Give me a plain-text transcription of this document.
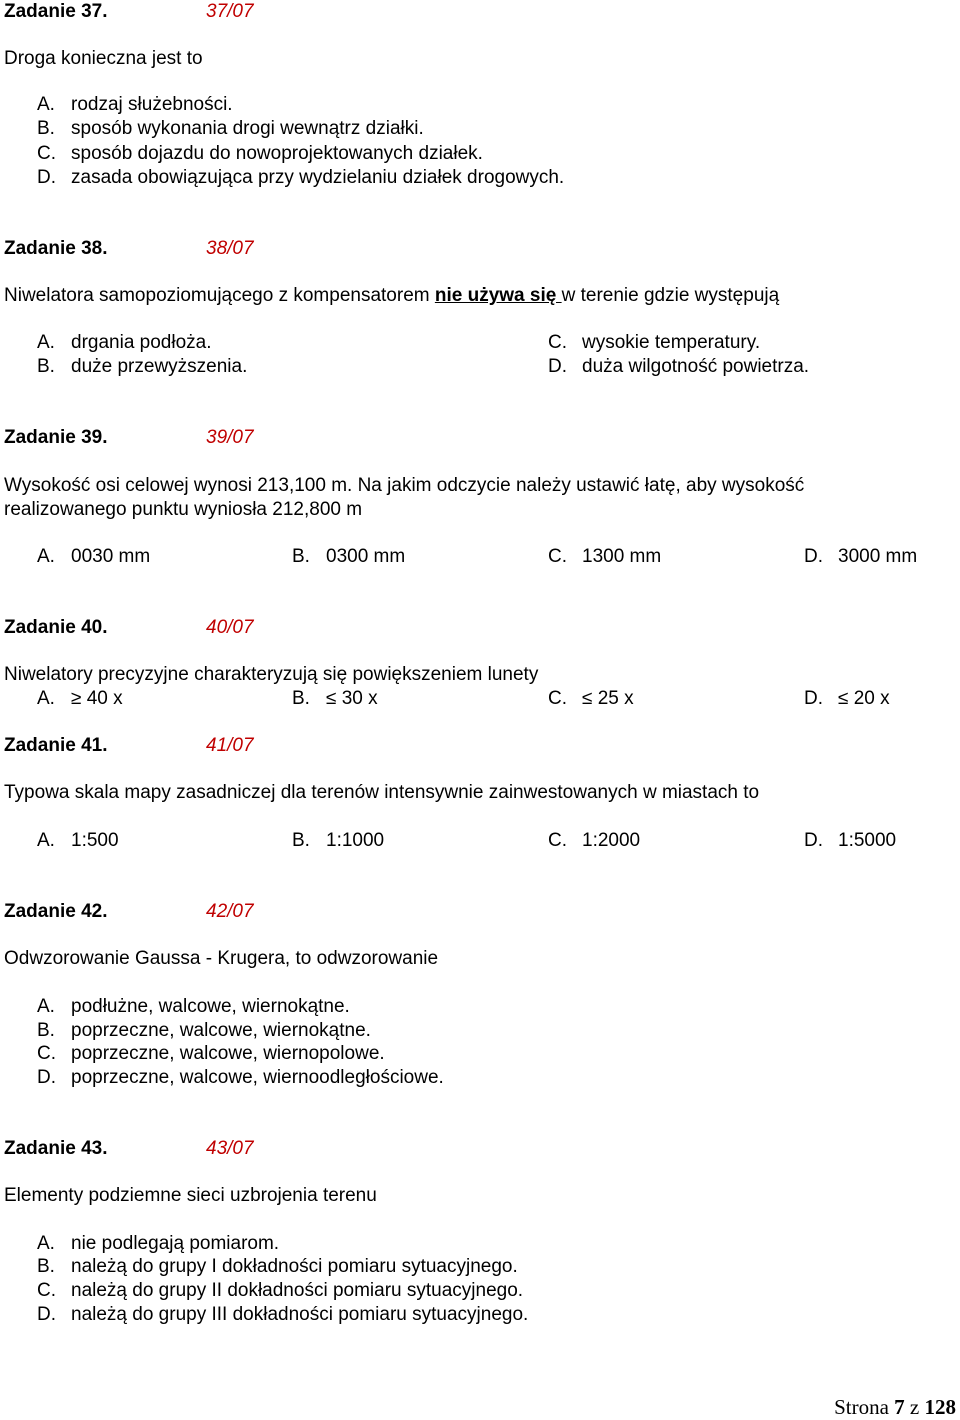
Zadanie 37.	37/07
Droga konieczna jest to
A. rodzaj służebności.
B. sposób wykonania drogi wewnątrz działki.
C. sposób dojazdu do nowoprojektowanych działek.
D. zasada obowiązująca przy wydzielaniu działek drogowych.
Zadanie 38.	38/07
Niwelatora samopoziomującego z kompensatorem nie używa się w terenie gdzie występują
A. drgania podłoża.
B. duże przewyższenia.
C. wysokie temperatury.
D. duża wilgotność powietrza.
Zadanie 39.	39/07
Wysokość osi celowej wynosi 213,100 m. Na jakim odczycie należy ustawić łatę, aby wysokość
realizowanego punktu wyniosła 212,800 m
A. 0030 mm	B. 0300 mm	C. 1300 mm	D. 3000 mm
Zadanie 40.	40/07
Niwelatory precyzyjne charakteryzują się powiększeniem lunety
A. ≥ 40 x	B. ≤ 30 x	C. ≤ 25 x	D. ≤ 20 x
Zadanie 41.	41/07
Typowa skala mapy zasadniczej dla terenów intensywnie zainwestowanych w miastach to
A. 1:500	B. 1:1000	C. 1:2000	D. 1:5000
Zadanie 42.	42/07
Odwzorowanie Gaussa - Krugera, to odwzorowanie
A. podłużne, walcowe, wiernokątne.
B. poprzeczne, walcowe, wiernokątne.
C. poprzeczne, walcowe, wiernopolowe.
D. poprzeczne, walcowe, wiernoodległościowe.
Zadanie 43.	43/07
Elementy podziemne sieci uzbrojenia terenu
A. nie podlegają pomiarom.
B. należą do grupy I dokładności pomiaru sytuacyjnego.
C. należą do grupy II dokładności pomiaru sytuacyjnego.
D. należą do grupy III dokładności pomiaru sytuacyjnego.
Strona 7 z 128
